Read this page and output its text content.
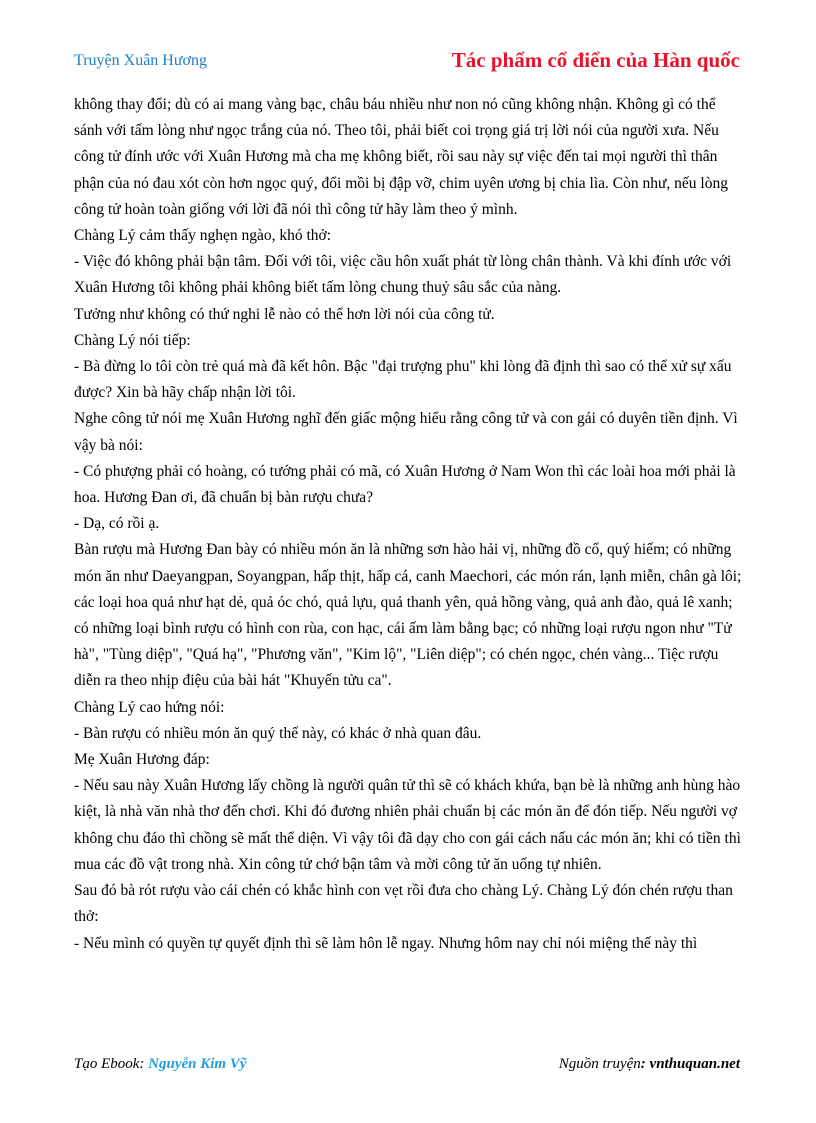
Truyện Xuân Hương	Tác phẩm cổ điển của Hàn quốc

không thay đổi; dù có ai mang vàng bạc, châu báu nhiều như non nó cũng không nhận. Không gì có thể sánh với tấm lòng như ngọc trắng của nó. Theo tôi, phải biết coi trọng giá trị lời nói của người xưa. Nếu công tử đính ước với Xuân Hương mà cha mẹ không biết, rồi sau này sự việc đến tai mọi người thì thân phận của nó đau xót còn hơn ngọc quý, đổi mồi bị đập vỡ, chim uyên ương bị chia lìa. Còn như, nếu lòng công tử hoàn toàn giống với lời đã nói thì công tử hãy làm theo ý mình.

Chàng Lý cảm thấy nghẹn ngào, khó thở:

- Việc đó không phải bận tâm. Đối với tôi, việc cầu hôn xuất phát từ lòng chân thành. Và khi đính ước với Xuân Hương tôi không phải không biết tấm lòng chung thuỷ sâu sắc của nàng.

Tưởng như không có thứ nghi lễ nào có thể hơn lời nói của công tử.

Chàng Lý nói tiếp:

- Bà đừng lo tôi còn trẻ quá mà đã kết hôn. Bậc "đại trượng phu" khi lòng đã định thì sao có thể xử sự xấu được? Xin bà hãy chấp nhận lời tôi.

Nghe công tử nói mẹ Xuân Hương nghĩ đến giấc mộng hiểu rằng công tử và con gái có duyên tiền định. Vì vậy bà nói:

- Có phượng phải có hoàng, có tướng phải có mã, có Xuân Hương ở Nam Won thì các loài hoa mới phải là hoa. Hương Đan ơi, đã chuẩn bị bàn rượu chưa?

- Dạ, có rồi ạ.

Bàn rượu mà Hương Đan bày có nhiều món ăn là những sơn hào hải vị, những đồ cổ, quý hiếm; có những món ăn như Daeyangpan, Soyangpan, hấp thịt, hấp cá, canh Maechori, các món rán, lạnh miễn, chân gà lôi; các loại hoa quả như hạt dẻ, quả óc chó, quả lựu, quả thanh yên, quả hồng vàng, quả anh đào, quả lê xanh; có những loại bình rượu có hình con rùa, con hạc, cái ấm làm bằng bạc; có những loại rượu ngon như "Tử hà", "Tùng diệp", "Quá hạ", "Phương văn", "Kim lộ", "Liên diệp"; có chén ngọc, chén vàng... Tiệc rượu diễn ra theo nhịp điệu của bài hát "Khuyến tửu ca".

Chàng Lý cao hứng nói:

- Bàn rượu có nhiều món ăn quý thế này, có khác ở nhà quan đâu.

Mẹ Xuân Hương đáp:

- Nếu sau này Xuân Hương lấy chồng là người quân tử thì sẽ có khách khứa, bạn bè là những anh hùng hào kiệt, là nhà văn nhà thơ đến chơi. Khi đó đương nhiên phải chuẩn bị các món ăn để đón tiếp. Nếu người vợ không chu đáo thì chồng sẽ mất thể diện. Vì vậy tôi đã dạy cho con gái cách nấu các món ăn; khi có tiền thì mua các đồ vật trong nhà. Xin công tử chớ bận tâm và mời công tử ăn uống tự nhiên.

Sau đó bà rót rượu vào cái chén có khắc hình con vẹt rồi đưa cho chàng Lý. Chàng Lý đón chén rượu than thở:

- Nếu mình có quyền tự quyết định thì sẽ làm hôn lễ ngay. Nhưng hôm nay chỉ nói miệng thế này thì

Tạo Ebook: Nguyễn Kim Vỹ	Nguồn truyện: vnthuquan.net
